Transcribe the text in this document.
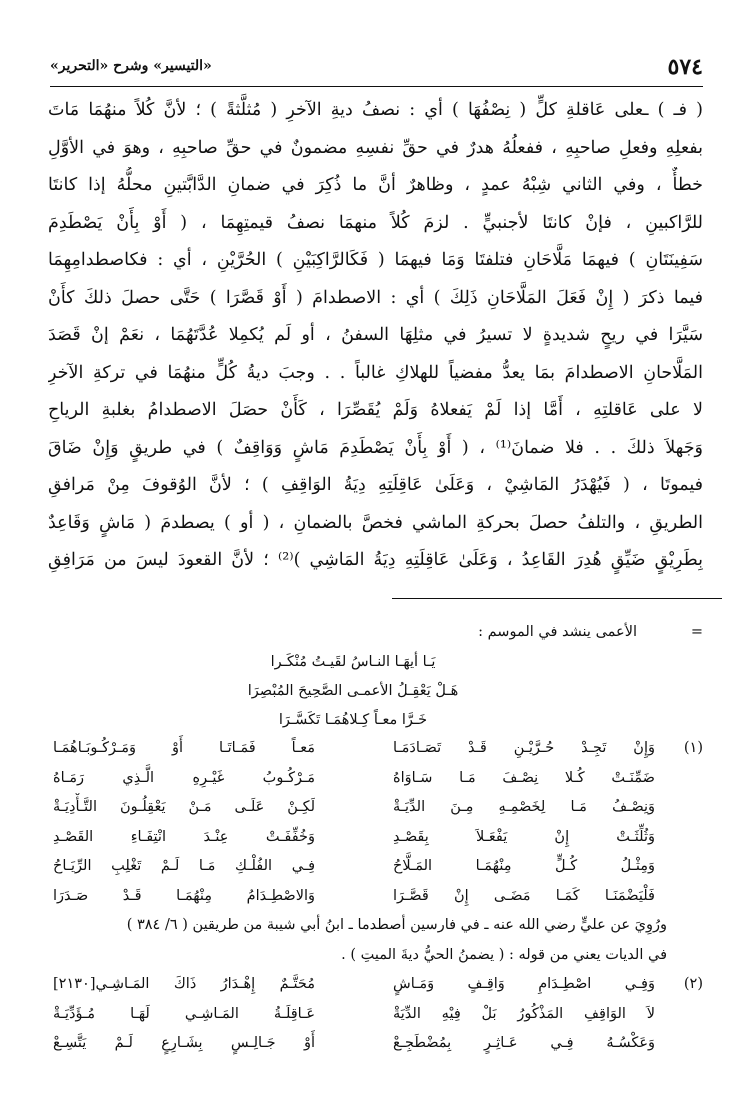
٥٧٤
«التيسير» وشرح «التحرير»
( فـ ) ـعلى عَاقلةِ كلٍّ ( نِصْفُهَا ) أي : نصفُ ديةِ الآخرِ ( مُثلَّثةً ) ؛ لأنَّ كُلاً منهُمَا مَاتَ
بفعلِهِ وفعلِ صاحبِهِ ، ففعلُهُ هدرٌ في حقِّ نفسِهِ مضمونٌ في حقِّ صاحبِهِ ، وهوَ في الأوَّلِ
خطأٌ ، وفي الثاني شِبْهُ عمدٍ ، وظاهرٌ أنَّ ما ذُكِرَ في ضمانِ الدَّابَّتينِ محلُّهُ إذا كانتَا
للرَّاكبينِ ، فإنْ كانتَا لأجنبيٍّ . لزمَ كُلاً منهمَا نصفُ قيمتِهِمَا ، ( أَوْ بِأَنْ يَصْطَدِمَ
سَفِينَتَانِ ) فيهمَا مَلَّاحَانِ فتلفتَا وَمَا فيهمَا ( فَكَالرَّاكِبَيْنِ ) الحُرَّيْنِ ، أي : فكاصطدامِهِمَا
فيما ذكرَ ( إِنْ فَعَلَ المَلَّاحَانِ ذَلِكَ ) أي : الاصطدامَ ( أَوْ قَصَّرَا ) حَتَّى حصلَ ذلكَ كأَنْ
سَيَّرَا في ريحٍ شديدةٍ لا تسيرُ في مثلِهَا السفنُ ، أو لَم يُكمِلا عُدَّتَهُمَا ، نعَمْ إنْ قَصَدَ
المَلَّاحانِ الاصطدامَ بمَا يعدُّ مفضياً للهلاكِ غالباً . . وجبَ ديةُ كُلٍّ منهُمَا في تركةِ الآخرِ
لا على عَاقلتِهِ ، أَمَّا إذا لَمْ يَفعلاهُ وَلَمْ يُقَصِّرَا ، كَأَنْ حصَلَ الاصطدامُ بغلبةِ الرياحِ
وَجَهلاَ ذلكَ . . فلا ضمانَ⁽¹⁾ ، ( أَوْ بِأَنْ يَصْطَدِمَ مَاشٍ وَوَاقِفٌ ) في طريقٍ وَإِنْ ضَاقَ
فيموتَا ، ( فَيُهْدَرُ المَاشِيْ ، وَعَلَىٰ عَاقِلَتِهِ دِيَةُ الوَاقِفِ ) ؛ لأنَّ الوُقوفَ مِنْ مَرافقِ
الطريقِ ، والتلفُ حصلَ بحركةِ الماشي فخصَّ بالضمانِ ، ( أو ) يصطدمَ ( مَاشٍ وَقَاعِدٌ
بِطَرِيْقٍ ضَيِّقٍ هُدِرَ القَاعِدُ ، وَعَلَىٰ عَاقِلَتِهِ دِيَةُ المَاشِي )⁽²⁾ ؛ لأنَّ القعودَ ليسَ من مَرَافِقِ
=
الأعمى ينشد في الموسم :
يَـا أيهَـا النـاسُ لقَيـتُ مُنْكَـرا
هَـلْ يَعْقِـلُ الأعمـى الصَّحِيحَ المُبْصِرَا
خَـرَّا معـاً كِـلاهُمَـا تَكَسَّـرَا
(١)
وَإِنْ تَجِـدْ حُـرَّيْـنِ قَـدْ تَصَـادَمَـا
مَعـاً فَمَـاتَـا أَوْ وَمَـرْكُـوبَـاهُمَـا
ضَمِّنَـتْ كُـلا نِصْـفَ مَـا سَـاوَاهُ
مَـرْكُـوبُ غَيْـرِهِ الَّـذِي رَمَـاهُ
وَنِصْـفُ مَـا لِخَصْمِـهِ مِـنَ الدِّيَـةْ
لَكِـنْ عَلَـى مَـنْ يَعْقِلُـونَ التَّـأْدِيَـةْ
وَثُلِّثَـتْ إِنْ يَفْعَـلاَ بِقَصْـدِ
وَخُفِّفَـتْ عِنْـدَ انْتِفَـاءِ القَصْـدِ
وَمِثْـلُ كُـلٍّ مِنْهُمَـا المَـلَّاحُ
فِـي الفُلْـكِ مَـا لَـمْ تَغْلِبِ الرِّيَـاحُ
فَلْيَضْمَنَـا كَمَـا مَضَـى إِنْ قَصَّـرَا
وَالاصْطِـدَامُ مِنْهُمَـا قَـدْ صَـدَرَا
ورُوِيَ عن عليٍّ رضي الله عنه ـ في فارسين أصطدما ـ ابنُ أبي شيبة من طريقين ( ٦/ ٣٨٤ )
في الديات يعني من قوله : ( يضمنُ الحيُّ ديةَ الميتِ ) .
(٢)
وَفِـي اصْطِـدَامِ وَاقِـفٍ وَمَـاشٍ
مُحَتَّـمٌ إِهْـدَارُ ذَاكَ المَـاشِـي[٢١٣٠]
لاَ الوَاقِفِ المَذْكُورُ بَلْ فِيْهِ الدِّيَةْ
عَـاقِلَـةُ المَـاشِـي لَهَـا مُـؤَدِّيَـةْ
وَعَكْسُـهُ فِـي عَـاثِـرٍ بِمُضْطَجِـعْ
أَوْ جَـالِـسٍ بِشَـارِعٍ لَـمْ يَتَّسِـعْ
